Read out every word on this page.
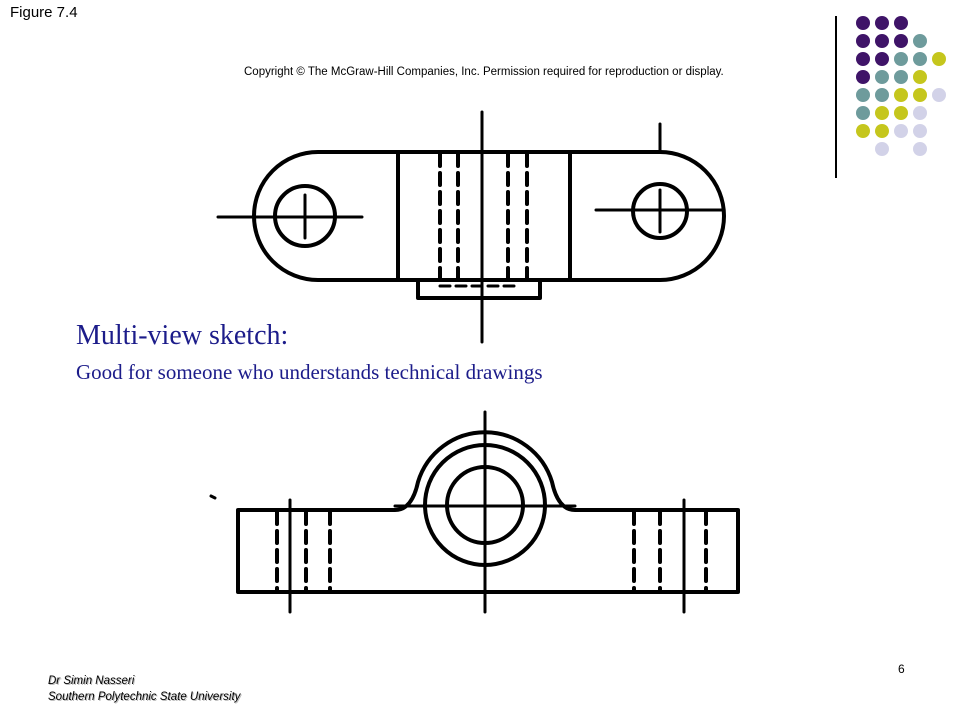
Figure 7.4
Copyright © The McGraw-Hill Companies, Inc. Permission required for reproduction or display.
Multi-view sketch:
Good for someone who understands technical drawings
Dr Simin Nasseri
Southern Polytechnic State University
6
